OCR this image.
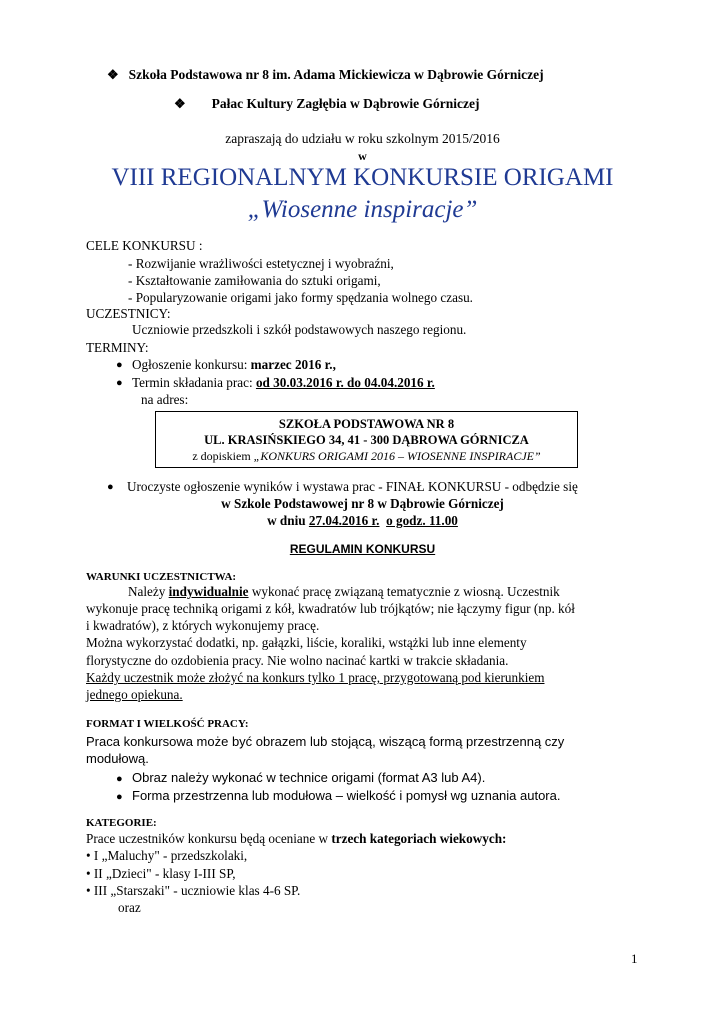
❖ Szkoła Podstawowa nr 8 im. Adama Mickiewicza w Dąbrowie Górniczej
❖ Pałac Kultury Zagłębia w Dąbrowie Górniczej
zapraszają do udziału w roku szkolnym 2015/2016
w
VIII REGIONALNYM KONKURSIE ORIGAMI
„Wiosenne inspiracje”
CELE KONKURSU :
- Rozwijanie wrażliwości estetycznej i wyobraźni,
- Kształtowanie zamiłowania do sztuki origami,
- Popularyzowanie origami jako formy spędzania wolnego czasu.
UCZESTNICY:
Uczniowie przedszkoli i szkół podstawowych naszego regionu.
TERMINY:
● Ogłoszenie konkursu: marzec 2016 r.,
● Termin składania prac: od 30.03.2016 r. do 04.04.2016 r.
na adres:
SZKOŁA PODSTAWOWA NR 8
UL. KRASIŃSKIEGO 34, 41 - 300 DĄBROWA GÓRNICZA
z dopiskiem „KONKURS ORIGAMI 2016 – WIOSENNE INSPIRACJE”
● Uroczyste ogłoszenie wyników i wystawa prac - FINAŁ KONKURSU - odbędzie się
w Szkole Podstawowej nr 8 w Dąbrowie Górniczej
w dniu 27.04.2016 r. o godz. 11.00
REGULAMIN KONKURSU
WARUNKI UCZESTNICTWA:
Należy indywidualnie wykonać pracę związaną tematycznie z wiosną. Uczestnik
wykonuje pracę techniką origami z kół, kwadratów lub trójkątów; nie łączymy figur (np. kół
i kwadratów), z których wykonujemy pracę.
Można wykorzystać dodatki, np. gałązki, liście, koraliki, wstążki lub inne elementy
florystyczne do ozdobienia pracy. Nie wolno nacinać kartki w trakcie składania.
Każdy uczestnik może złożyć na konkurs tylko 1 pracę, przygotowaną pod kierunkiem
jednego opiekuna.
FORMAT I WIELKOŚĆ PRACY:
Praca konkursowa może być obrazem lub stojącą, wiszącą formą przestrzenną czy
modułową.
● Obraz należy wykonać w technice origami (format A3 lub A4).
● Forma przestrzenna lub modułowa – wielkość i pomysł wg uznania autora.
KATEGORIE:
Prace uczestników konkursu będą oceniane w trzech kategoriach wiekowych:
• I „Maluchy" - przedszkolaki,
• II „Dzieci" - klasy I-III SP,
• III „Starszaki" - uczniowie klas 4-6 SP.
oraz
1
